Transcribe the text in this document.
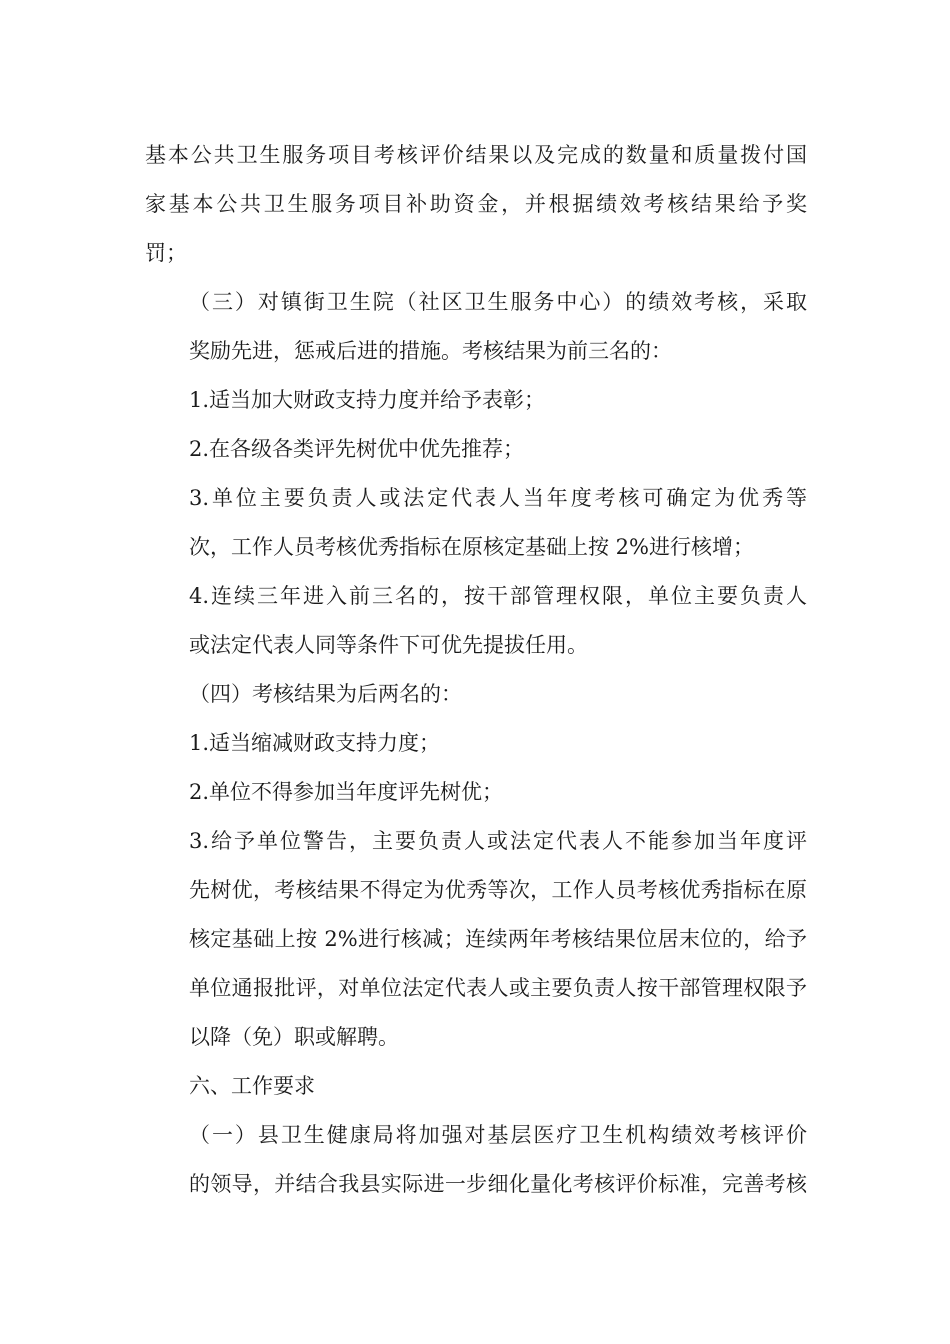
基本公共卫生服务项目考核评价结果以及完成的数量和质量拨付国
家基本公共卫生服务项目补助资金，并根据绩效考核结果给予奖
罚；

（三）对镇街卫生院（社区卫生服务中心）的绩效考核，采取
奖励先进，惩戒后进的措施。考核结果为前三名的：

1.适当加大财政支持力度并给予表彰；

2.在各级各类评先树优中优先推荐；

3.单位主要负责人或法定代表人当年度考核可确定为优秀等
次，工作人员考核优秀指标在原核定基础上按 2%进行核增；

4.连续三年进入前三名的，按干部管理权限，单位主要负责人
或法定代表人同等条件下可优先提拔任用。

（四）考核结果为后两名的：

1.适当缩减财政支持力度；

2.单位不得参加当年度评先树优；

3.给予单位警告，主要负责人或法定代表人不能参加当年度评
先树优，考核结果不得定为优秀等次，工作人员考核优秀指标在原
核定基础上按 2%进行核减；连续两年考核结果位居末位的，给予
单位通报批评，对单位法定代表人或主要负责人按干部管理权限予
以降（免）职或解聘。

六、工作要求

（一）县卫生健康局将加强对基层医疗卫生机构绩效考核评价
的领导，并结合我县实际进一步细化量化考核评价标准，完善考核
